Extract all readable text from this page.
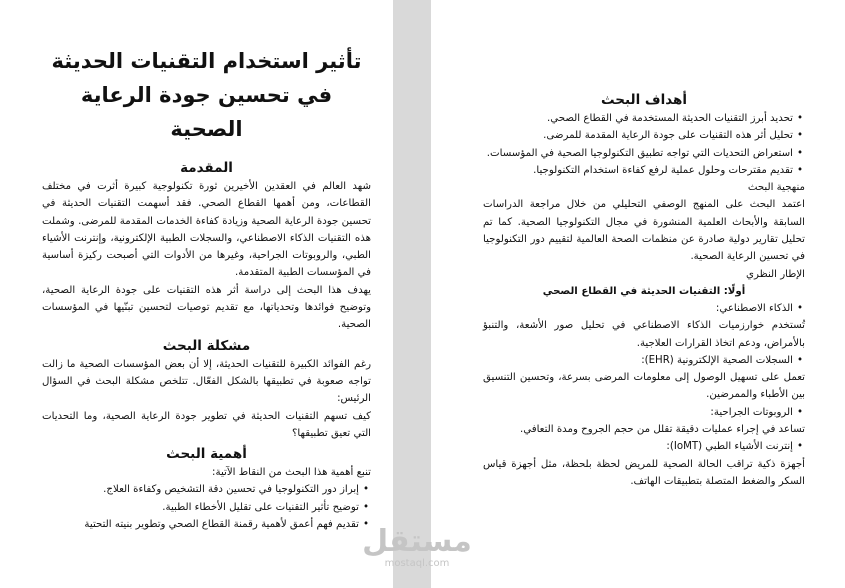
تأثير استخدام التقنيات الحديثة في تحسين جودة الرعاية الصحية
المقدمة

شهد العالم في العقدين الأخيرين ثورة تكنولوجية كبيرة أثرت في مختلف القطاعات، ومن أهمها القطاع الصحي. فقد أسهمت التقنيات الحديثة في تحسين جودة الرعاية الصحية وزيادة كفاءة الخدمات المقدمة للمرضى. وشملت هذه التقنيات الذكاء الاصطناعي، والسجلات الطبية الإلكترونية، وإنترنت الأشياء الطبي، والروبوتات الجراحية، وغيرها من الأدوات التي أصبحت ركيزة أساسية في المؤسسات الطبية المتقدمة.

يهدف هذا البحث إلى دراسة أثر هذه التقنيات على جودة الرعاية الصحية، وتوضيح فوائدها وتحدياتها، مع تقديم توصيات لتحسين تبنّيها في المؤسسات الصحية.

مشكلة البحث

رغم الفوائد الكبيرة للتقنيات الحديثة، إلا أن بعض المؤسسات الصحية ما زالت تواجه صعوبة في تطبيقها بالشكل الفعّال. تتلخص مشكلة البحث في السؤال الرئيس:

كيف تسهم التقنيات الحديثة في تطوير جودة الرعاية الصحية، وما التحديات التي تعيق تطبيقها؟

أهمية البحث

تنبع أهمية هذا البحث من النقاط الآتية:

• إبراز دور التكنولوجيا في تحسين دقة التشخيص وكفاءة العلاج.
• توضيح تأثير التقنيات على تقليل الأخطاء الطبية.
• تقديم فهم أعمق لأهمية رقمنة القطاع الصحي وتطوير بنيته التحتية
أهداف البحث
• تحديد أبرز التقنيات الحديثة المستخدمة في القطاع الصحي.
• تحليل أثر هذه التقنيات على جودة الرعاية المقدمة للمرضى.
• استعراض التحديات التي تواجه تطبيق التكنولوجيا الصحية في المؤسسات.
• تقديم مقترحات وحلول عملية لرفع كفاءة استخدام التكنولوجيا.

منهجية البحث

اعتمد البحث على المنهج الوصفي التحليلي من خلال مراجعة الدراسات السابقة والأبحاث العلمية المنشورة في مجال التكنولوجيا الصحية. كما تم تحليل تقارير دولية صادرة عن منظمات الصحة العالمية لتقييم دور التكنولوجيا في تحسين الرعاية الصحية.

الإطار النظري

أولًا: التقنيات الحديثة في القطاع الصحي

• الذكاء الاصطناعي:

تُستخدم خوارزميات الذكاء الاصطناعي في تحليل صور الأشعة، والتنبؤ بالأمراض، ودعم اتخاذ القرارات العلاجية.

• السجلات الصحية الإلكترونية (EHR):

تعمل على تسهيل الوصول إلى معلومات المرضى بسرعة، وتحسين التنسيق بين الأطباء والممرضين.

• الروبوتات الجراحية:

تساعد في إجراء عمليات دقيقة تقلل من حجم الجروح ومدة التعافي.

• إنترنت الأشياء الطبي (IoMT):

أجهزة ذكية تراقب الحالة الصحية للمريض لحظة بلحظة، مثل أجهزة قياس السكر والضغط المتصلة بتطبيقات الهاتف.

مستقل
mostaql.com
